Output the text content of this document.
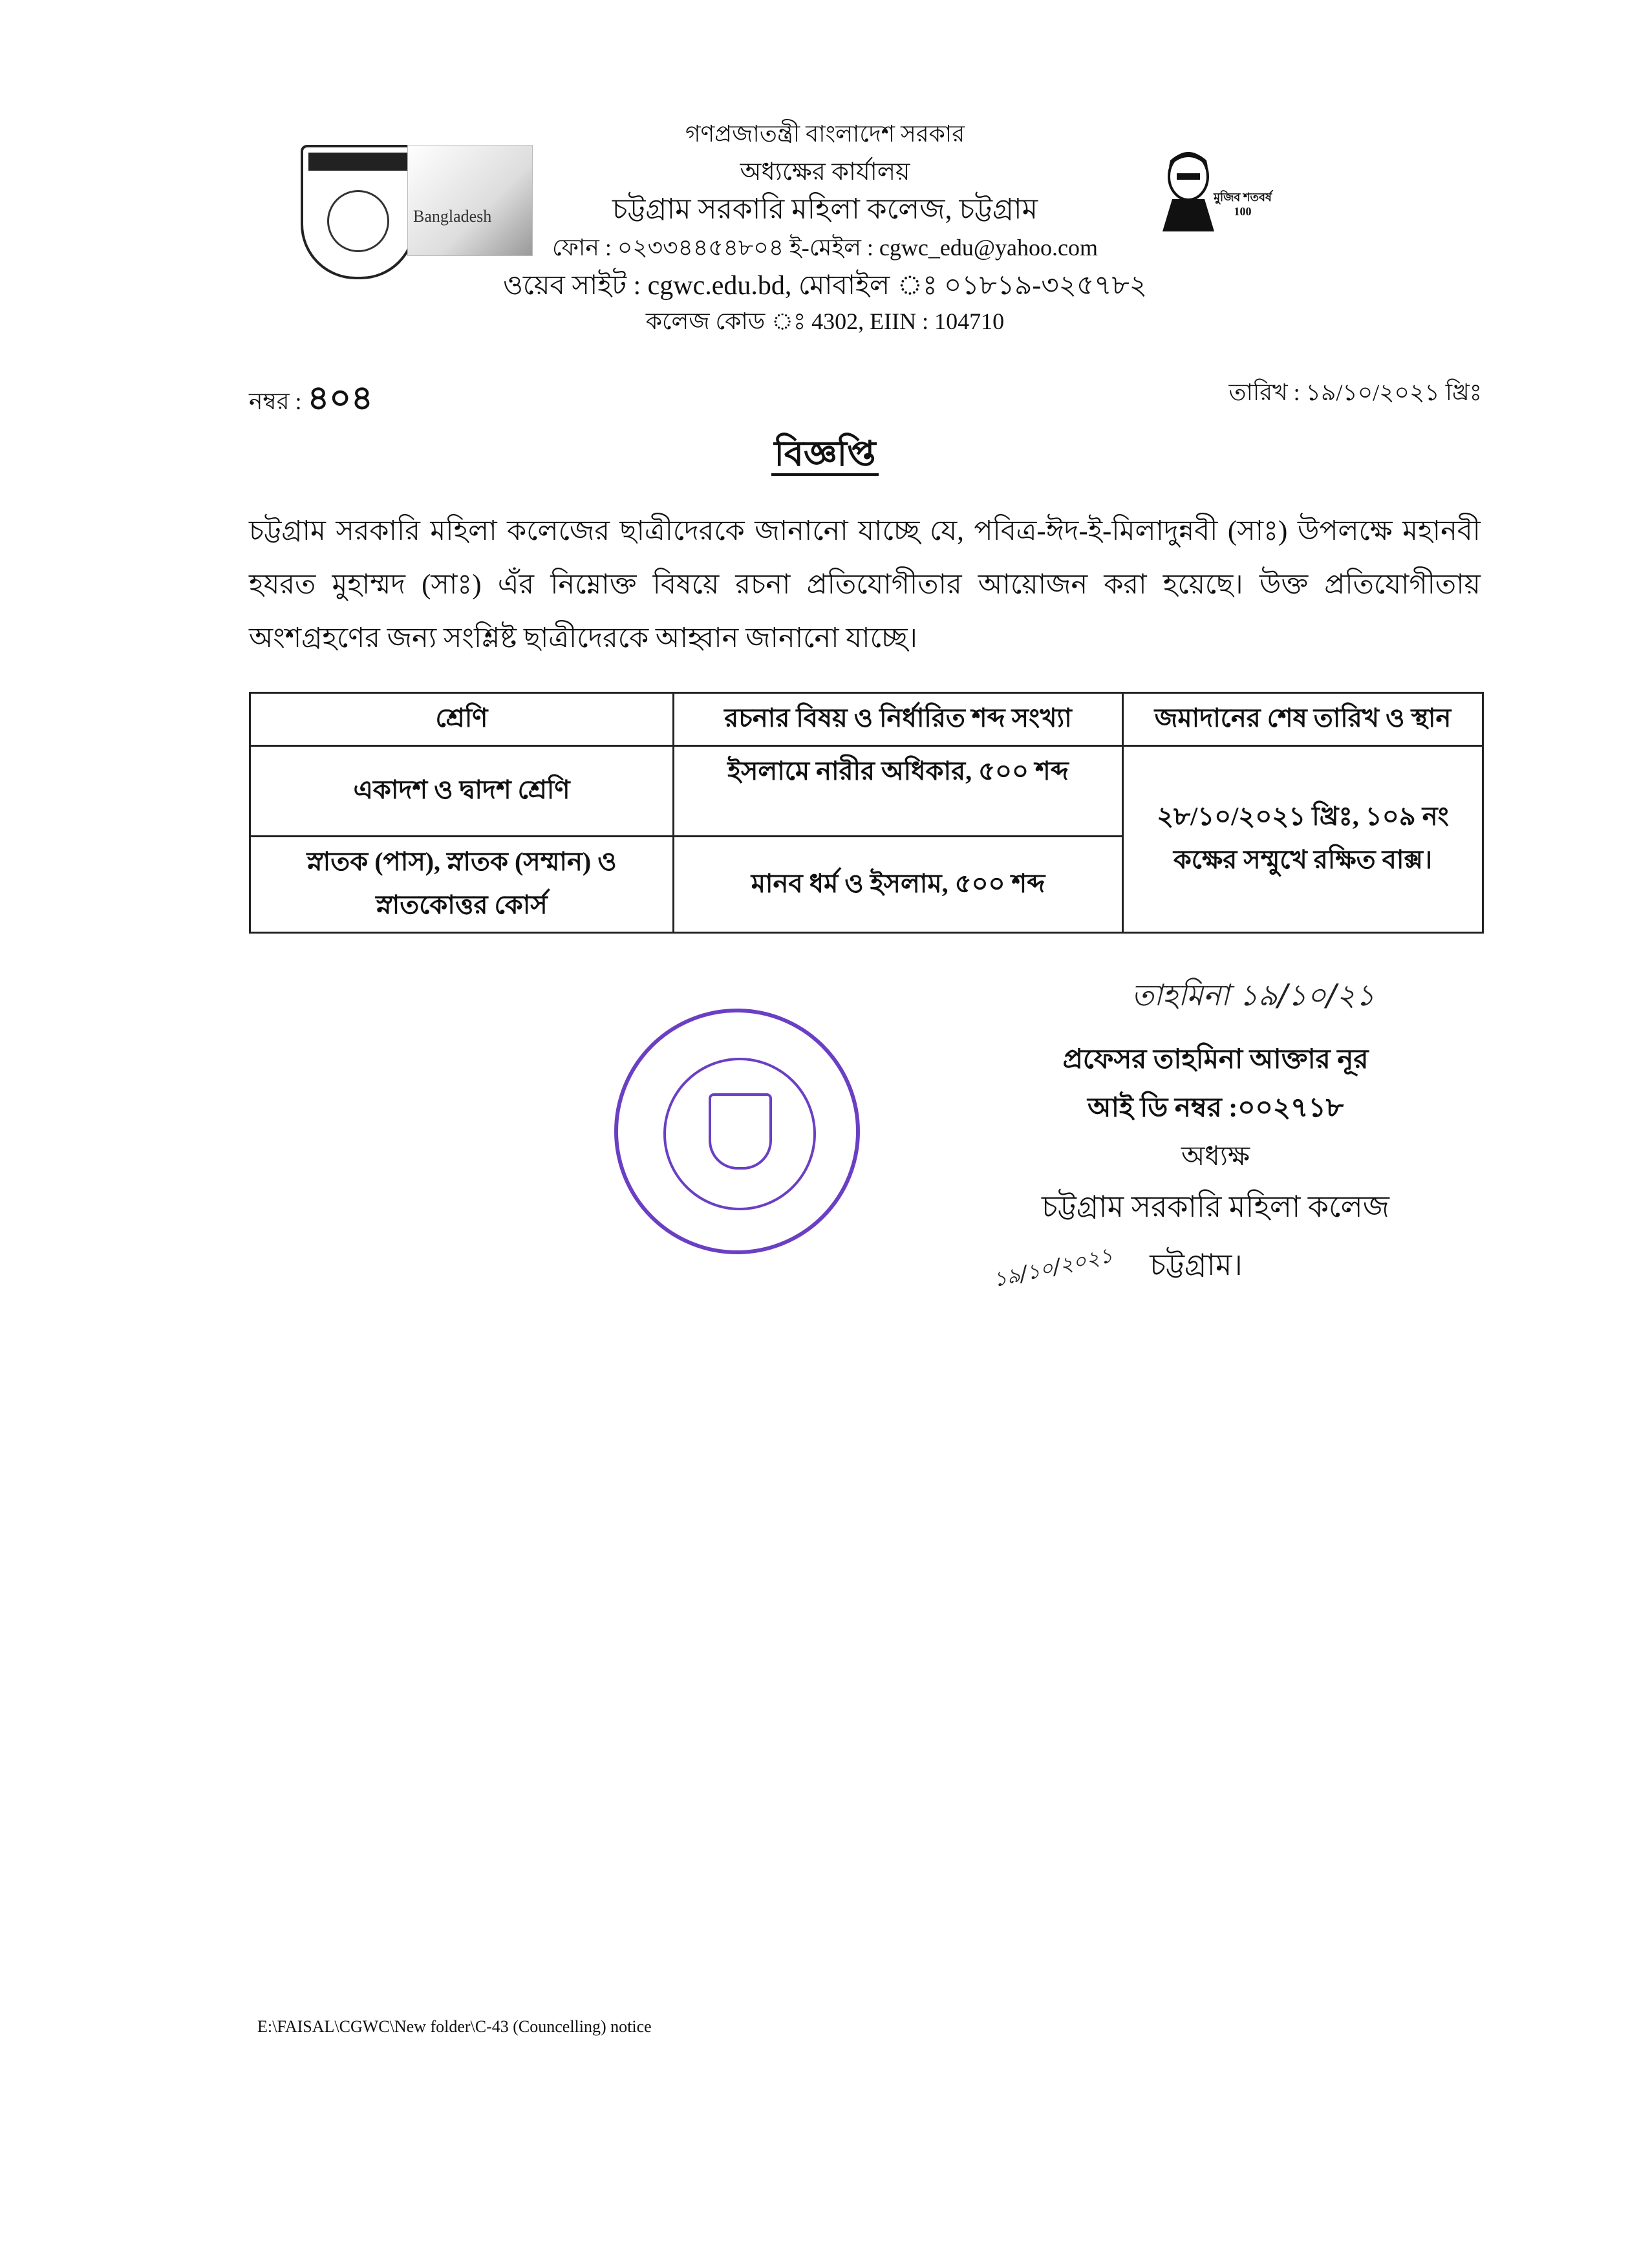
Bangladesh
মুজিব শতবর্ষ 100
গণপ্রজাতন্ত্রী বাংলাদেশ সরকার
অধ্যক্ষের কার্যালয়
চট্টগ্রাম সরকারি মহিলা কলেজ, চট্টগ্রাম
ফোন : ০২৩৩৪৪৫৪৮০৪ ই-মেইল : cgwc_edu@yahoo.com
ওয়েব সাইট : cgwc.edu.bd, মোবাইল ঃ ০১৮১৯-৩২৫৭৮২
কলেজ কোড ঃ 4302, EIIN : 104710
নম্বর : ৪০৪	তারিখ : ১৯/১০/২০২১ খ্রিঃ
বিজ্ঞপ্তি
চট্টগ্রাম সরকারি মহিলা কলেজের ছাত্রীদেরকে জানানো যাচ্ছে যে, পবিত্র-ঈদ-ই-মিলাদুন্নবী (সাঃ) উপলক্ষে মহানবী হযরত মুহাম্মদ (সাঃ) এঁর নিম্নোক্ত বিষয়ে রচনা প্রতিযোগীতার আয়োজন করা হয়েছে। উক্ত প্রতিযোগীতায় অংশগ্রহণের জন্য সংশ্লিষ্ট ছাত্রীদেরকে আহ্বান জানানো যাচ্ছে।
শ্রেণি	রচনার বিষয় ও নির্ধারিত শব্দ সংখ্যা	জমাদানের শেষ তারিখ ও স্থান
একাদশ ও দ্বাদশ শ্রেণি	ইসলামে নারীর অধিকার, ৫০০ শব্দ	২৮/১০/২০২১ খ্রিঃ, ১০৯ নং কক্ষের সম্মুখে রক্ষিত বাক্স।
স্নাতক (পাস), স্নাতক (সম্মান) ও স্নাতকোত্তর কোর্স	মানব ধর্ম ও ইসলাম, ৫০০ শব্দ	
তাহমিনা ১৯/১০/২১
প্রফেসর তাহমিনা আক্তার নূর
আই ডি নম্বর :০০২৭১৮
অধ্যক্ষ
চট্টগ্রাম সরকারি মহিলা কলেজ
চট্টগ্রাম।
১৯/১০/২০২১
E:\FAISAL\CGWC\New folder\C-43 (Councelling) notice
